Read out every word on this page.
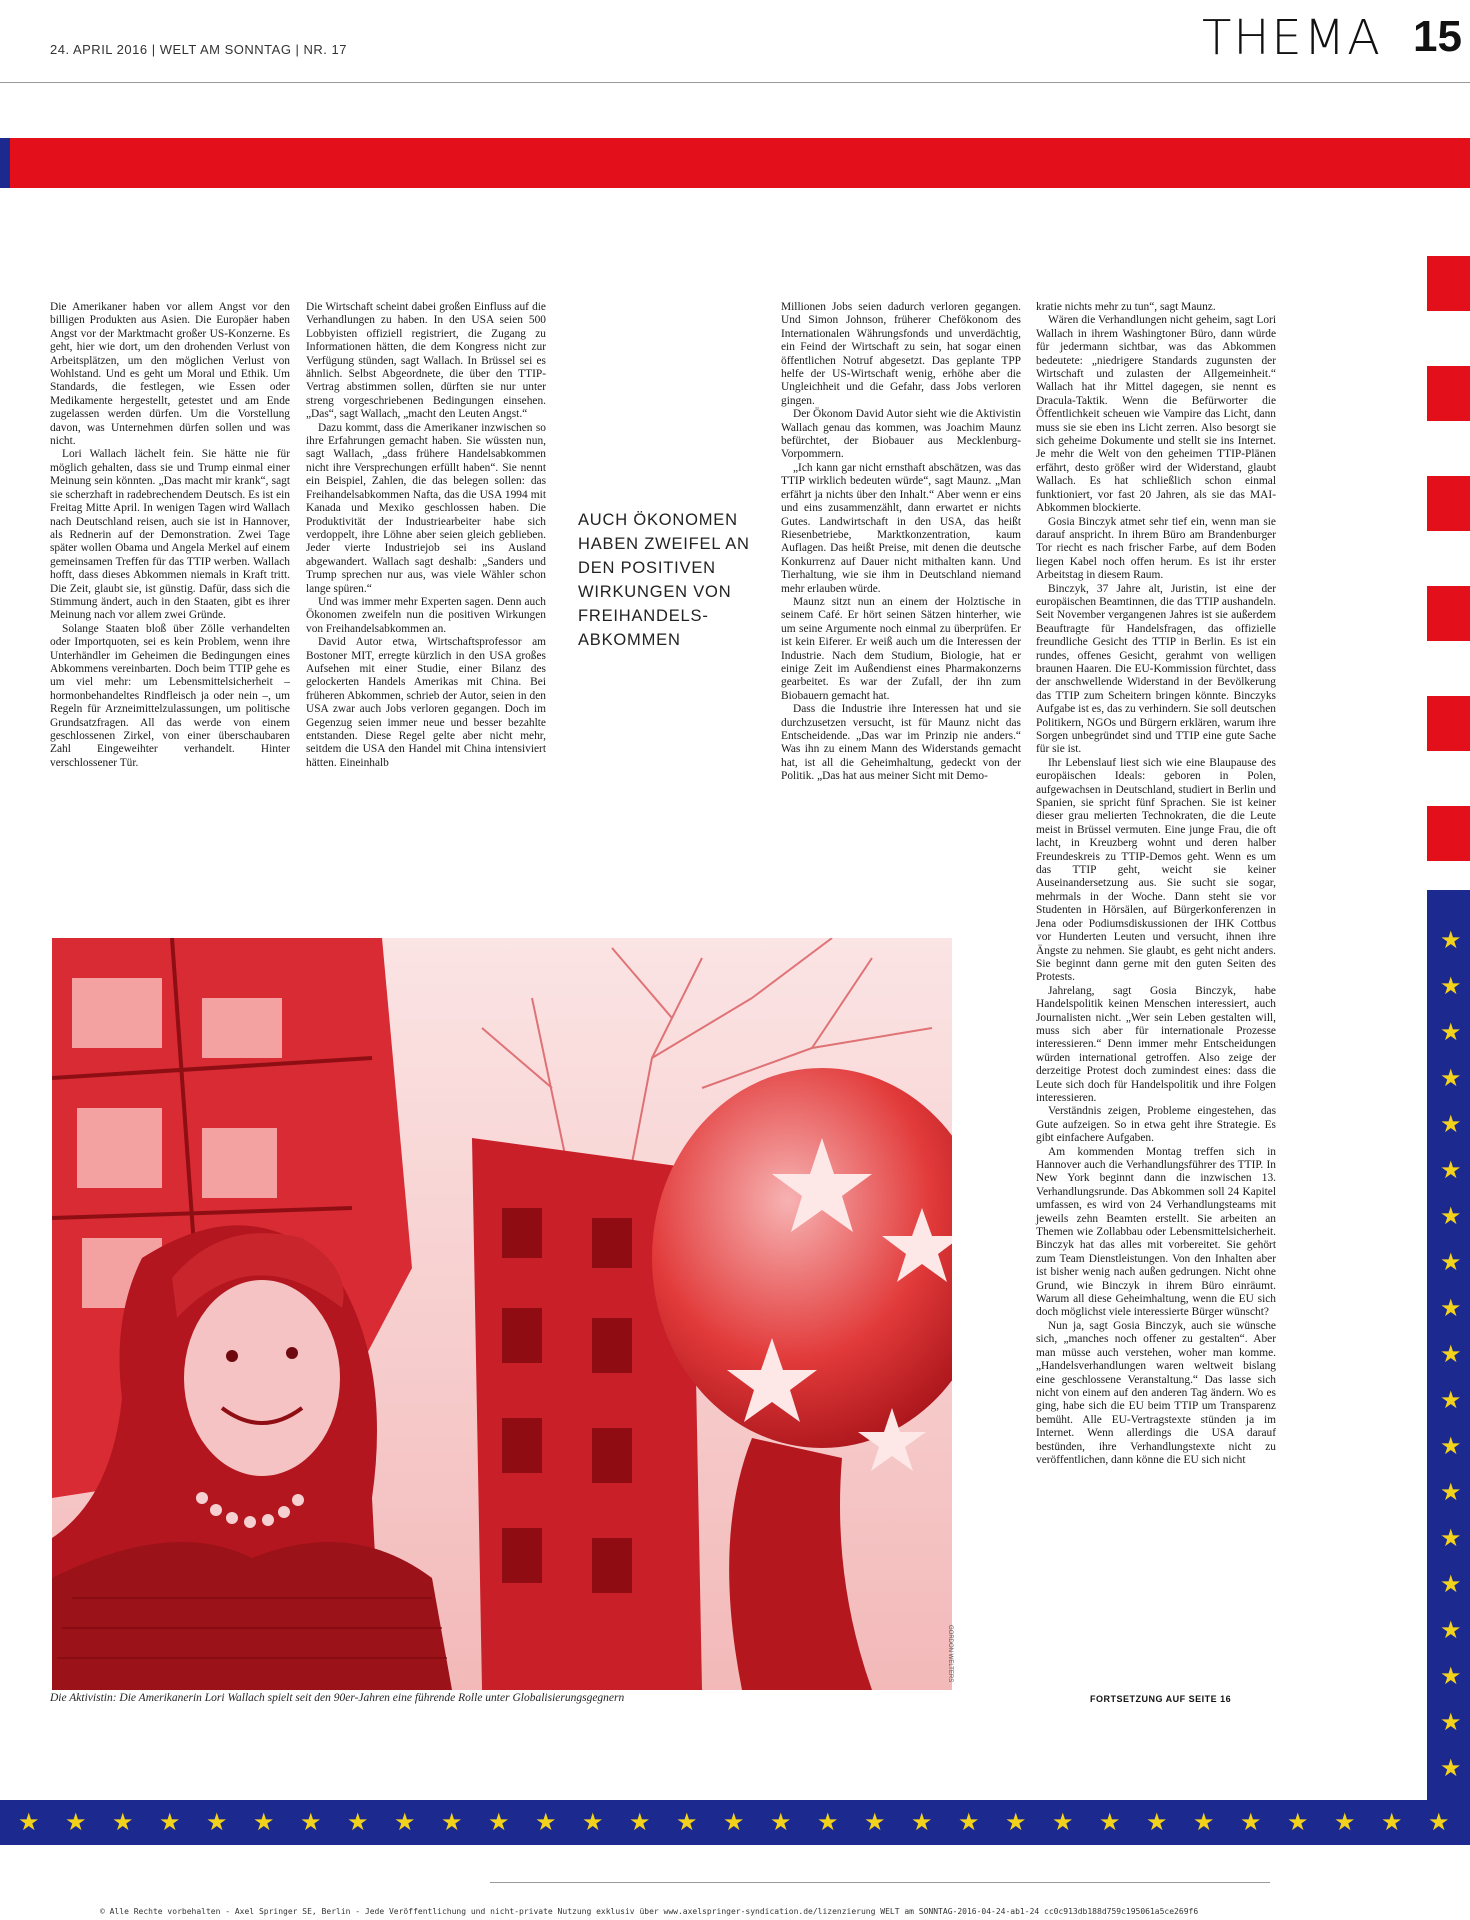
24. APRIL 2016 | WELT AM SONNTAG | NR. 17	THEMA 15

Die Amerikaner haben vor allem Angst vor den billigen Produkten aus Asien. Die Europäer haben Angst vor der Marktmacht großer US-Konzerne. Es geht, hier wie dort, um den drohenden Verlust von Arbeitsplätzen, um den möglichen Verlust von Wohlstand. Und es geht um Moral und Ethik. Um Standards, die festlegen, wie Essen oder Medikamente hergestellt, getestet und am Ende zugelassen werden dürfen. Um die Vorstellung davon, was Unternehmen dürfen sollen und was nicht.

Lori Wallach lächelt fein. Sie hätte nie für möglich gehalten, dass sie und Trump einmal einer Meinung sein könnten. „Das macht mir krank“, sagt sie scherzhaft in radebrechendem Deutsch. Es ist ein Freitag Mitte April. In wenigen Tagen wird Wallach nach Deutschland reisen, auch sie ist in Hannover, als Rednerin auf der Demonstration. Zwei Tage später wollen Obama und Angela Merkel auf einem gemeinsamen Treffen für das TTIP werben. Wallach hofft, dass dieses Abkommen niemals in Kraft tritt. Die Zeit, glaubt sie, ist günstig. Dafür, dass sich die Stimmung ändert, auch in den Staaten, gibt es ihrer Meinung nach vor allem zwei Gründe.

Solange Staaten bloß über Zölle verhandelten oder Importquoten, sei es kein Problem, wenn ihre Unterhändler im Geheimen die Bedingungen eines Abkommens vereinbarten. Doch beim TTIP gehe es um viel mehr: um Lebensmittelsicherheit – hormonbehandeltes Rindfleisch ja oder nein –, um Regeln für Arzneimittelzulassungen, um politische Grundsatzfragen. All das werde von einem geschlossenen Zirkel, von einer überschaubaren Zahl Eingeweihter verhandelt. Hinter verschlossener Tür.

Die Wirtschaft scheint dabei großen Einfluss auf die Verhandlungen zu haben. In den USA seien 500 Lobbyisten offiziell registriert, die Zugang zu Informationen hätten, die dem Kongress nicht zur Verfügung stünden, sagt Wallach. In Brüssel sei es ähnlich. Selbst Abgeordnete, die über den TTIP-Vertrag abstimmen sollen, dürften sie nur unter streng vorgeschriebenen Bedingungen einsehen. „Das“, sagt Wallach, „macht den Leuten Angst.“

Dazu kommt, dass die Amerikaner inzwischen so ihre Erfahrungen gemacht haben. Sie wüssten nun, sagt Wallach, „dass frühere Handelsabkommen nicht ihre Versprechungen erfüllt haben“. Sie nennt ein Beispiel, Zahlen, die das belegen sollen: das Freihandelsabkommen Nafta, das die USA 1994 mit Kanada und Mexiko geschlossen haben. Die Produktivität der Industriearbeiter habe sich verdoppelt, ihre Löhne aber seien gleich geblieben. Jeder vierte Industriejob sei ins Ausland abgewandert. Wallach sagt deshalb: „Sanders und Trump sprechen nur aus, was viele Wähler schon lange spüren.“

Und was immer mehr Experten sagen. Denn auch Ökonomen zweifeln nun die positiven Wirkungen von Freihandelsabkommen an.

David Autor etwa, Wirtschaftsprofessor am Bostoner MIT, erregte kürzlich in den USA großes Aufsehen mit einer Studie, einer Bilanz des gelockerten Handels Amerikas mit China. Bei früheren Abkommen, schrieb der Autor, seien in den USA zwar auch Jobs verloren gegangen. Doch im Gegenzug seien immer neue und besser bezahlte entstanden. Diese Regel gelte aber nicht mehr, seitdem die USA den Handel mit China intensiviert hätten. Eineinhalb

AUCH ÖKONOMEN HABEN ZWEIFEL AN DEN POSITIVEN WIRKUNGEN VON FREIHANDELSABKOMMEN

Millionen Jobs seien dadurch verloren gegangen. Und Simon Johnson, früherer Chefökonom des Internationalen Währungsfonds und unverdächtig, ein Feind der Wirtschaft zu sein, hat sogar einen öffentlichen Notruf abgesetzt. Das geplante TPP helfe der US-Wirtschaft wenig, erhöhe aber die Ungleichheit und die Gefahr, dass Jobs verloren gingen.

Der Ökonom David Autor sieht wie die Aktivistin Wallach genau das kommen, was Joachim Maunz befürchtet, der Biobauer aus Mecklenburg-Vorpommern.

„Ich kann gar nicht ernsthaft abschätzen, was das TTIP wirklich bedeuten würde“, sagt Maunz. „Man erfährt ja nichts über den Inhalt.“ Aber wenn er eins und eins zusammenzählt, dann erwartet er nichts Gutes. Landwirtschaft in den USA, das heißt Riesenbetriebe, Marktkonzentration, kaum Auflagen. Das heißt Preise, mit denen die deutsche Konkurrenz auf Dauer nicht mithalten kann. Und Tierhaltung, wie sie ihm in Deutschland niemand mehr erlauben würde.

Maunz sitzt nun an einem der Holztische in seinem Café. Er hört seinen Sätzen hinterher, wie um seine Argumente noch einmal zu überprüfen. Er ist kein Eiferer. Er weiß auch um die Interessen der Industrie. Nach dem Studium, Biologie, hat er einige Zeit im Außendienst eines Pharmakonzerns gearbeitet. Es war der Zufall, der ihn zum Biobauern gemacht hat.

Dass die Industrie ihre Interessen hat und sie durchzusetzen versucht, ist für Maunz nicht das Entscheidende. „Das war im Prinzip nie anders.“ Was ihn zu einem Mann des Widerstands gemacht hat, ist all die Geheimhaltung, gedeckt von der Politik. „Das hat aus meiner Sicht mit Demo-

kratie nichts mehr zu tun“, sagt Maunz.

Wären die Verhandlungen nicht geheim, sagt Lori Wallach in ihrem Washingtoner Büro, dann würde für jedermann sichtbar, was das Abkommen bedeutete: „niedrigere Standards zugunsten der Wirtschaft und zulasten der Allgemeinheit.“ Wallach hat ihr Mittel dagegen, sie nennt es Dracula-Taktik. Wenn die Befürworter die Öffentlichkeit scheuen wie Vampire das Licht, dann muss sie sie eben ins Licht zerren. Also besorgt sie sich geheime Dokumente und stellt sie ins Internet. Je mehr die Welt von den geheimen TTIP-Plänen erfährt, desto größer wird der Widerstand, glaubt Wallach. Es hat schließlich schon einmal funktioniert, vor fast 20 Jahren, als sie das MAI-Abkommen blockierte.

Gosia Binczyk atmet sehr tief ein, wenn man sie darauf anspricht. In ihrem Büro am Brandenburger Tor riecht es nach frischer Farbe, auf dem Boden liegen Kabel noch offen herum. Es ist ihr erster Arbeitstag in diesem Raum.

Binczyk, 37 Jahre alt, Juristin, ist eine der europäischen Beamtinnen, die das TTIP aushandeln. Seit November vergangenen Jahres ist sie außerdem Beauftragte für Handelsfragen, das offizielle freundliche Gesicht des TTIP in Berlin. Es ist ein rundes, offenes Gesicht, gerahmt von welligen braunen Haaren. Die EU-Kommission fürchtet, dass der anschwellende Widerstand in der Bevölkerung das TTIP zum Scheitern bringen könnte. Binczyks Aufgabe ist es, das zu verhindern. Sie soll deutschen Politikern, NGOs und Bürgern erklären, warum ihre Sorgen unbegründet sind und TTIP eine gute Sache für sie ist.

Ihr Lebenslauf liest sich wie eine Blaupause des europäischen Ideals: geboren in Polen, aufgewachsen in Deutschland, studiert in Berlin und Spanien, sie spricht fünf Sprachen. Sie ist keiner dieser grau melierten Technokraten, die die Leute meist in Brüssel vermuten. Eine junge Frau, die oft lacht, in Kreuzberg wohnt und deren halber Freundeskreis zu TTIP-Demos geht. Wenn es um das TTIP geht, weicht sie keiner Auseinandersetzung aus. Sie sucht sie sogar, mehrmals in der Woche. Dann steht sie vor Studenten in Hörsälen, auf Bürgerkonferenzen in Jena oder Podiumsdiskussionen der IHK Cottbus vor Hunderten Leuten und versucht, ihnen ihre Ängste zu nehmen. Sie glaubt, es geht nicht anders. Sie beginnt dann gerne mit den guten Seiten des Protests.

Jahrelang, sagt Gosia Binczyk, habe Handelspolitik keinen Menschen interessiert, auch Journalisten nicht. „Wer sein Leben gestalten will, muss sich aber für internationale Prozesse interessieren.“ Denn immer mehr Entscheidungen würden international getroffen. Also zeige der derzeitige Protest doch zumindest eines: dass die Leute sich doch für Handelspolitik und ihre Folgen interessieren.

Verständnis zeigen, Probleme eingestehen, das Gute aufzeigen. So in etwa geht ihre Strategie. Es gibt einfachere Aufgaben.

Am kommenden Montag treffen sich in Hannover auch die Verhandlungsführer des TTIP. In New York beginnt dann die inzwischen 13. Verhandlungsrunde. Das Abkommen soll 24 Kapitel umfassen, es wird von 24 Verhandlungsteams mit jeweils zehn Beamten erstellt. Sie arbeiten an Themen wie Zollabbau oder Lebensmittelsicherheit. Binczyk hat das alles mit vorbereitet. Sie gehört zum Team Dienstleistungen. Von den Inhalten aber ist bisher wenig nach außen gedrungen. Nicht ohne Grund, wie Binczyk in ihrem Büro einräumt. Warum all diese Geheimhaltung, wenn die EU sich doch möglichst viele interessierte Bürger wünscht?

Nun ja, sagt Gosia Binczyk, auch sie wünsche sich, „manches noch offener zu gestalten“. Aber man müsse auch verstehen, woher man komme. „Handelsverhandlungen waren weltweit bislang eine geschlossene Veranstaltung.“ Das lasse sich nicht von einem auf den anderen Tag ändern. Wo es ging, habe sich die EU beim TTIP um Transparenz bemüht. Alle EU-Vertragstexte stünden ja im Internet. Wenn allerdings die USA darauf bestünden, ihre Verhandlungstexte nicht zu veröffentlichen, dann könne die EU sich nicht

GORDON WELTERS
Die Aktivistin: Die Amerikanerin Lori Wallach spielt seit den 90er-Jahren eine führende Rolle unter Globalisierungsgegnern	FORTSETZUNG AUF SEITE 16
★
★
★
★
★
★
★
★
★
★
★
★
★
★
★
★
★
★
★
★ ★ ★ ★ ★ ★ ★ ★ ★ ★ ★ ★ ★ ★ ★ ★ ★ ★ ★ ★ ★ ★ ★ ★ ★ ★ ★ ★ ★ ★ ★
© Alle Rechte vorbehalten - Axel Springer SE, Berlin - Jede Veröffentlichung und nicht-private Nutzung exklusiv über www.axelspringer-syndication.de/lizenzierung WELT am SONNTAG-2016-04-24-ab1-24 cc0c913db188d759c195061a5ce269f6
